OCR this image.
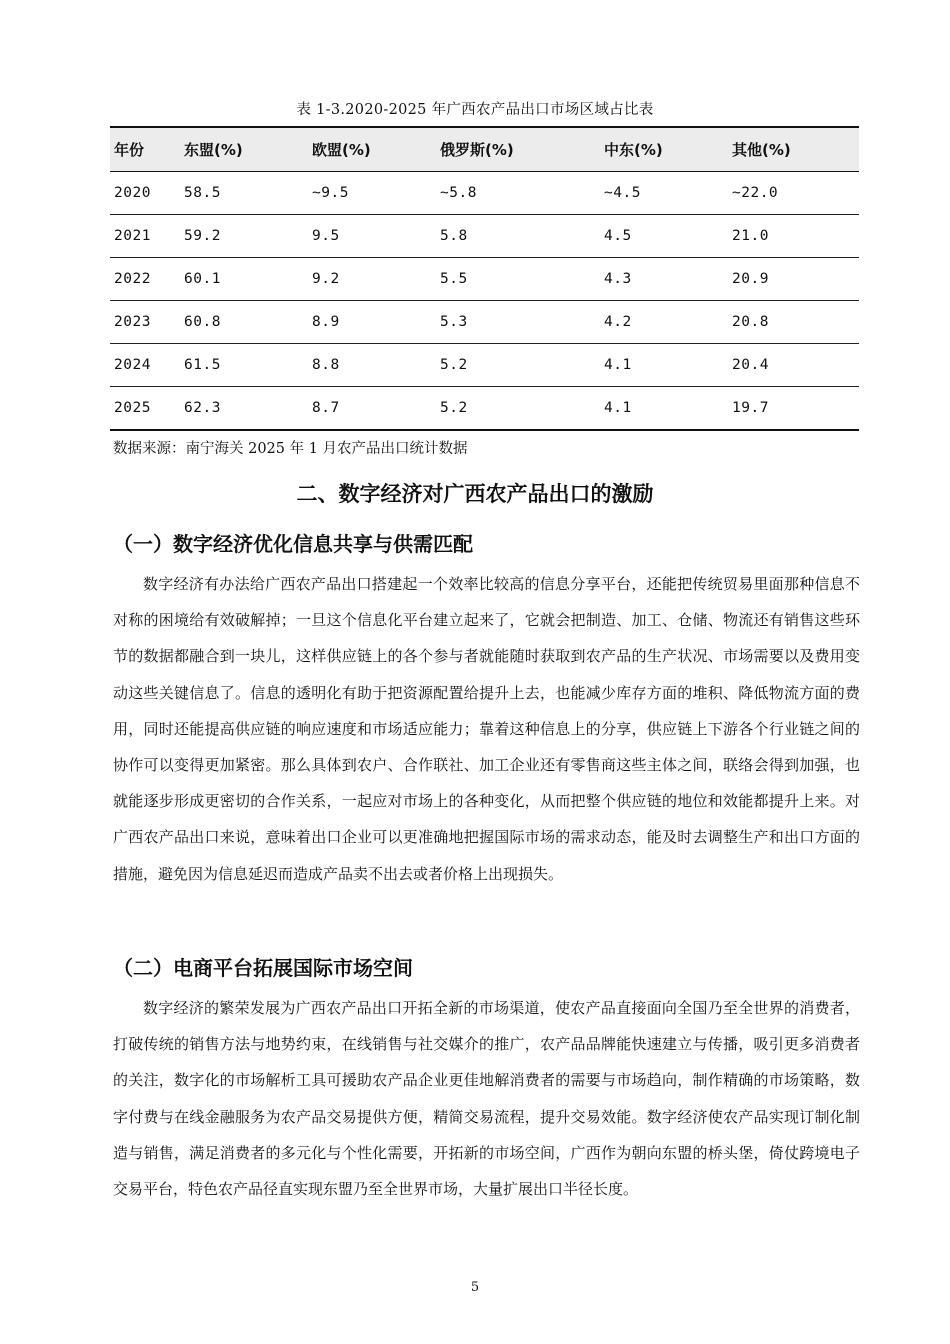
表 1-3.2020-2025 年广西农产品出口市场区域占比表
年份	东盟(%)	欧盟(%)	俄罗斯(%)	中东(%)	其他(%)
2020	58.5	~9.5	~5.8	~4.5	~22.0
2021	59.2	9.5	5.8	4.5	21.0
2022	60.1	9.2	5.5	4.3	20.9
2023	60.8	8.9	5.3	4.2	20.8
2024	61.5	8.8	5.2	4.1	20.4
2025	62.3	8.7	5.2	4.1	19.7
数据来源：南宁海关 2025 年 1 月农产品出口统计数据
二、数字经济对广西农产品出口的激励
（一）数字经济优化信息共享与供需匹配

数字经济有办法给广西农产品出口搭建起一个效率比较高的信息分享平台，还能把传统贸易里面那种信息不对称的困境给有效破解掉；一旦这个信息化平台建立起来了，它就会把制造、加工、仓储、物流还有销售这些环节的数据都融合到一块儿，这样供应链上的各个参与者就能随时获取到农产品的生产状况、市场需要以及费用变动这些关键信息了。信息的透明化有助于把资源配置给提升上去，也能减少库存方面的堆积、降低物流方面的费用，同时还能提高供应链的响应速度和市场适应能力；靠着这种信息上的分享，供应链上下游各个行业链之间的协作可以变得更加紧密。那么具体到农户、合作联社、加工企业还有零售商这些主体之间，联络会得到加强，也就能逐步形成更密切的合作关系，一起应对市场上的各种变化，从而把整个供应链的地位和效能都提升上来。对广西农产品出口来说，意味着出口企业可以更准确地把握国际市场的需求动态，能及时去调整生产和出口方面的措施，避免因为信息延迟而造成产品卖不出去或者价格上出现损失。

（二）电商平台拓展国际市场空间

数字经济的繁荣发展为广西农产品出口开拓全新的市场渠道，使农产品直接面向全国乃至全世界的消费者，打破传统的销售方法与地势约束，在线销售与社交媒介的推广，农产品品牌能快速建立与传播，吸引更多消费者的关注，数字化的市场解析工具可援助农产品企业更佳地解消费者的需要与市场趋向，制作精确的市场策略，数字付费与在线金融服务为农产品交易提供方便，精简交易流程，提升交易效能。数字经济使农产品实现订制化制造与销售，满足消费者的多元化与个性化需要，开拓新的市场空间，广西作为朝向东盟的桥头堡，倚仗跨境电子交易平台，特色农产品径直实现东盟乃至全世界市场，大量扩展出口半径长度。

5
